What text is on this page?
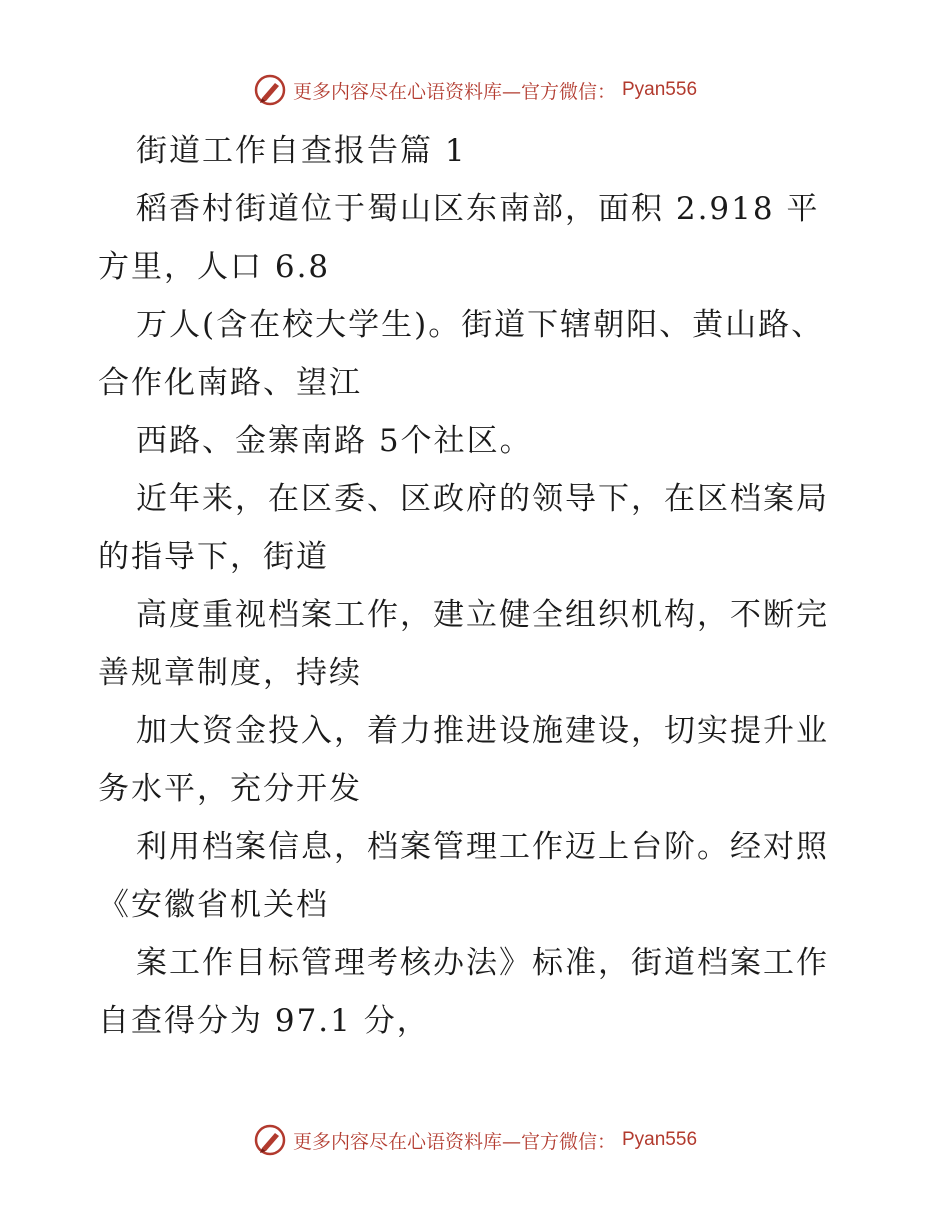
更多内容尽在心语资料库—官方微信： Pyan556
街道工作自查报告篇 1
稻香村街道位于蜀山区东南部，面积 2.918 平
方里，人口 6.8
万人(含在校大学生)。街道下辖朝阳、黄山路、
合作化南路、望江
西路、金寨南路 5个社区。
近年来，在区委、区政府的领导下，在区档案局
的指导下，街道
高度重视档案工作，建立健全组织机构，不断完
善规章制度，持续
加大资金投入，着力推进设施建设，切实提升业
务水平，充分开发
利用档案信息，档案管理工作迈上台阶。经对照
《安徽省机关档
案工作目标管理考核办法》标准，街道档案工作
自查得分为 97.1 分，
更多内容尽在心语资料库—官方微信： Pyan556
